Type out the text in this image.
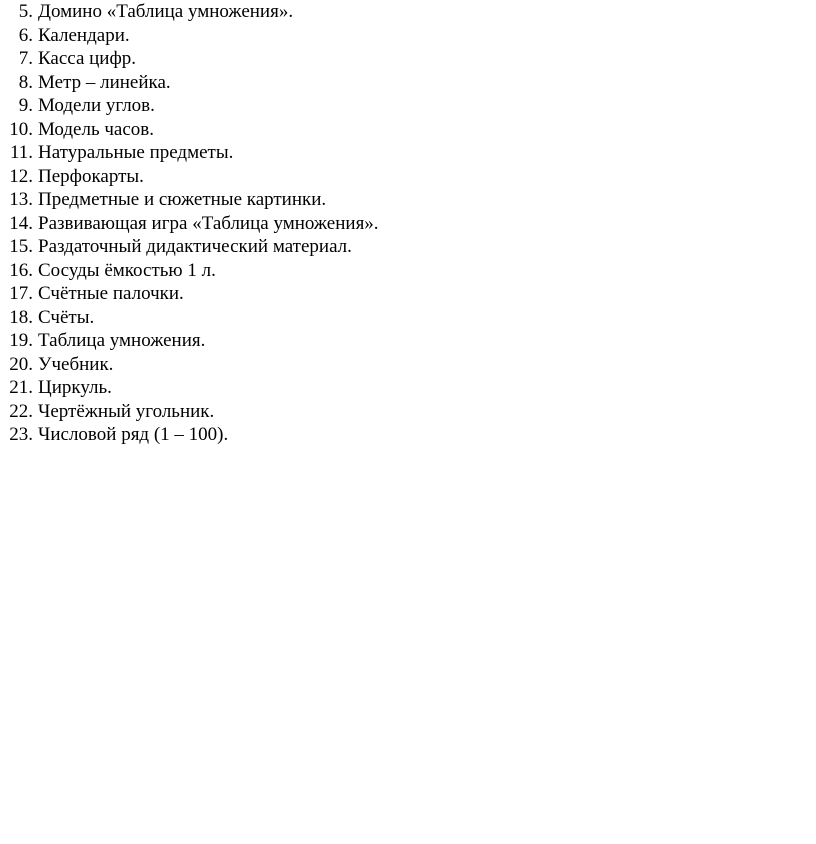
5. Домино «Таблица умножения».
6. Календари.
7. Касса цифр.
8. Метр – линейка.
9. Модели углов.
10. Модель часов.
11. Натуральные предметы.
12. Перфокарты.
13. Предметные и сюжетные картинки.
14. Развивающая игра «Таблица умножения».
15. Раздаточный дидактический материал.
16. Сосуды ёмкостью 1 л.
17. Счётные палочки.
18. Счёты.
19. Таблица умножения.
20. Учебник.
21. Циркуль.
22. Чертёжный угольник.
23. Числовой ряд (1 – 100).
